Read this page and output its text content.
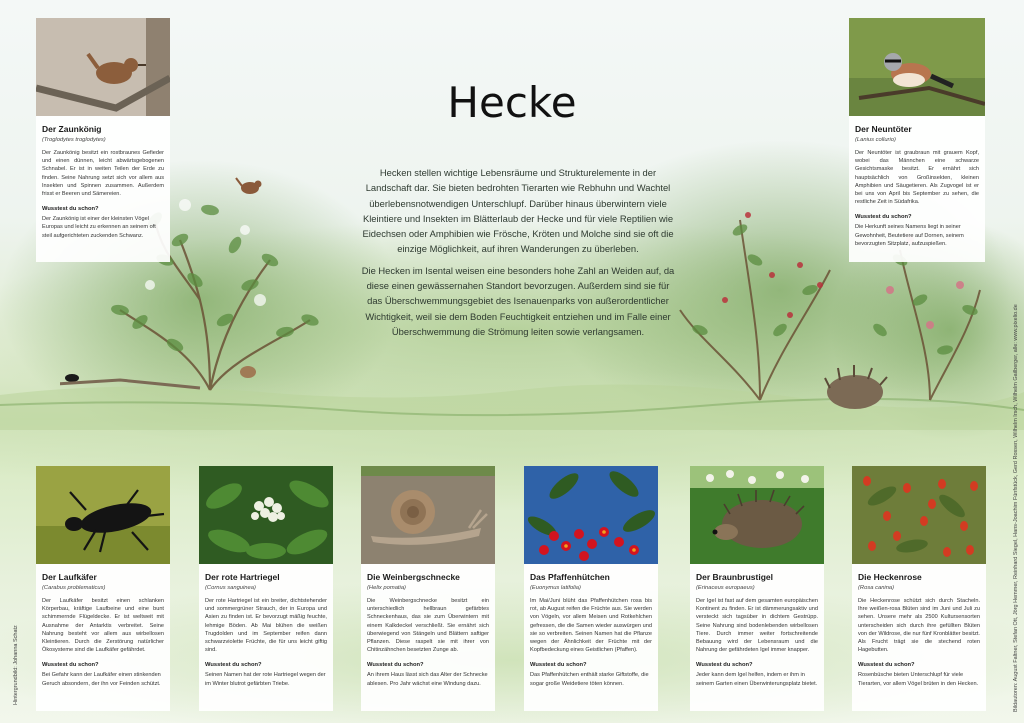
Hecke

Hecken stellen wichtige Lebensräume und Strukturelemente in der Landschaft dar. Sie bieten bedrohten Tierarten wie Rebhuhn und Wachtel überlebensnotwendigen Unterschlupf. Darüber hinaus überwintern viele Kleintiere und Insekten im Blätterlaub der Hecke und für viele Reptilien wie Eidechsen oder Amphibien wie Frösche, Kröten und Molche sind sie oft die einzige Möglichkeit, auf ihren Wanderungen zu überleben.

Die Hecken im Isental weisen eine besonders hohe Zahl an Weiden auf, da diese einen gewässernahen Standort bevorzugen. Außerdem sind sie für das Überschwemmungsgebiet des Isenauenparks von außerordentlicher Wichtigkeit, weil sie dem Boden Feuchtigkeit entziehen und im Falle einer Überschwemmung die Strömung leiten sowie verlangsamen.

Der Zaunkönig

(Troglodytes troglodytes)

Der Zaunkönig besitzt ein rostbraunes Gefieder und einen dünnen, leicht abwärtsgebogenen Schnabel. Er ist in weiten Teilen der Erde zu finden. Seine Nahrung setzt sich vor allem aus Insekten und Spinnen zusammen. Außerdem frisst er Beeren und Sämereien.

Wusstest du schon?

Der Zaunkönig ist einer der kleinsten Vögel Europas und leicht zu erkennen an seinem oft steil aufgerichteten zuckenden Schwanz.

Der Neuntöter

(Lanius collurio)

Der Neuntöter ist graubraun mit grauem Kopf, wobei das Männchen eine schwarze Gesichtsmaske besitzt. Er ernährt sich hauptsächlich von Großinsekten, kleinen Amphibien und Säugetieren. Als Zugvogel ist er bei uns von April bis September zu sehen, die restliche Zeit in Südafrika.

Wusstest du schon?

Die Herkunft seines Namens liegt in seiner Gewohnheit, Beutetiere auf Dornen, seinem bevorzugten Sitzplatz, aufzuspießen.

Der Laufkäfer

(Carabus problematicus)

Der Laufkäfer besitzt einen schlanken Körperbau, kräftige Laufbeine und eine bunt schimmernde Flügeldecke. Er ist weltweit mit Ausnahme der Antarktis verbreitet. Seine Nahrung besteht vor allem aus wirbellosen Kleintieren. Durch die Zerstörung natürlicher Ökosysteme sind die Laufkäfer gefährdet.

Wusstest du schon?

Bei Gefahr kann der Laufkäfer einen stinkenden Geruch absondern, der ihn vor Feinden schützt.

Der rote Hartriegel

(Cornus sanguinea)

Der rote Hartriegel ist ein breiter, dichtstehender und sommergrüner Strauch, der in Europa und Asien zu finden ist. Er bevorzugt mäßig feuchte, lehmige Böden. Ab Mai blühen die weißen Trugdolden und im September reifen dann schwarzviolette Früchte, die für uns leicht giftig sind.

Wusstest du schon?

Seinen Namen hat der rote Hartriegel wegen der im Winter blutrot gefärbten Triebe.

Die Weinbergschnecke

(Helix pomatia)

Die Weinbergschnecke besitzt ein unterschiedlich hellbraun gefärbtes Schneckenhaus, das sie zum Überwintern mit einem Kalkdeckel verschließt. Sie ernährt sich überwiegend von Stängeln und Blättern saftiger Pflanzen. Diese raspelt sie mit ihrer von Chitinzähnchen besetzten Zunge ab.

Wusstest du schon?

An ihrem Haus lässt sich das Alter der Schnecke ablesen. Pro Jahr wächst eine Windung dazu.

Das Pfaffenhütchen

(Euonymus latifolia)

Im Mai/Juni blüht das Pfaffenhütchen rosa bis rot, ab August reifen die Früchte aus. Sie werden von Vögeln, vor allem Meisen und Rotkehlchen gefressen, die die Samen wieder auswürgen und sie so verbreiten. Seinen Namen hat die Pflanze wegen der Ähnlichkeit der Früchte mit der Kopfbedeckung eines Geistlichen (Pfaffen).

Wusstest du schon?

Das Pfaffenhütchen enthält starke Giftstoffe, die sogar große Weidetiere töten können.

Der Braunbrustigel

(Erinaceus europaeus)

Der Igel ist fast auf dem gesamten europäischen Kontinent zu finden. Er ist dämmerungsaktiv und versteckt sich tagsüber in dichtem Gestrüpp. Seine Nahrung sind bodenlebenden wirbellosen Tiere. Durch immer weiter fortschreitende Bebauung wird der Lebensraum und die Nahrung der gefährdeten Igel immer knapper.

Wusstest du schon?

Jeder kann dem Igel helfen, indem er ihm in seinem Garten einen Überwinterungsplatz bietet.

Die Heckenrose

(Rosa canina)

Die Heckenrose schützt sich durch Stacheln. Ihre weißen-rosa Blüten sind im Juni und Juli zu sehen. Unsere mehr als 2500 Kultursensorten unterscheiden sich durch ihre gefüllten Blüten von der Wildrose, die nur fünf Kronblätter besitzt. Als Frucht trägt sie die stechend roten Hagebutten.

Wusstest du schon?

Rosenbüsche bieten Unterschlupf für viele Tierarten, vor allem Vögel brüten in den Hecken.

Hintergrundbild: Johanna Schatz	Bildautoren: August Faltner, Stefan Ott, Jörg Hemmer, Reinhard Siegel, Hans-Joachim Fünfstück, Gerd Rossen, Wilhelm Irsch, Wilhelm Gailberger, alle: www.pixelio.de
